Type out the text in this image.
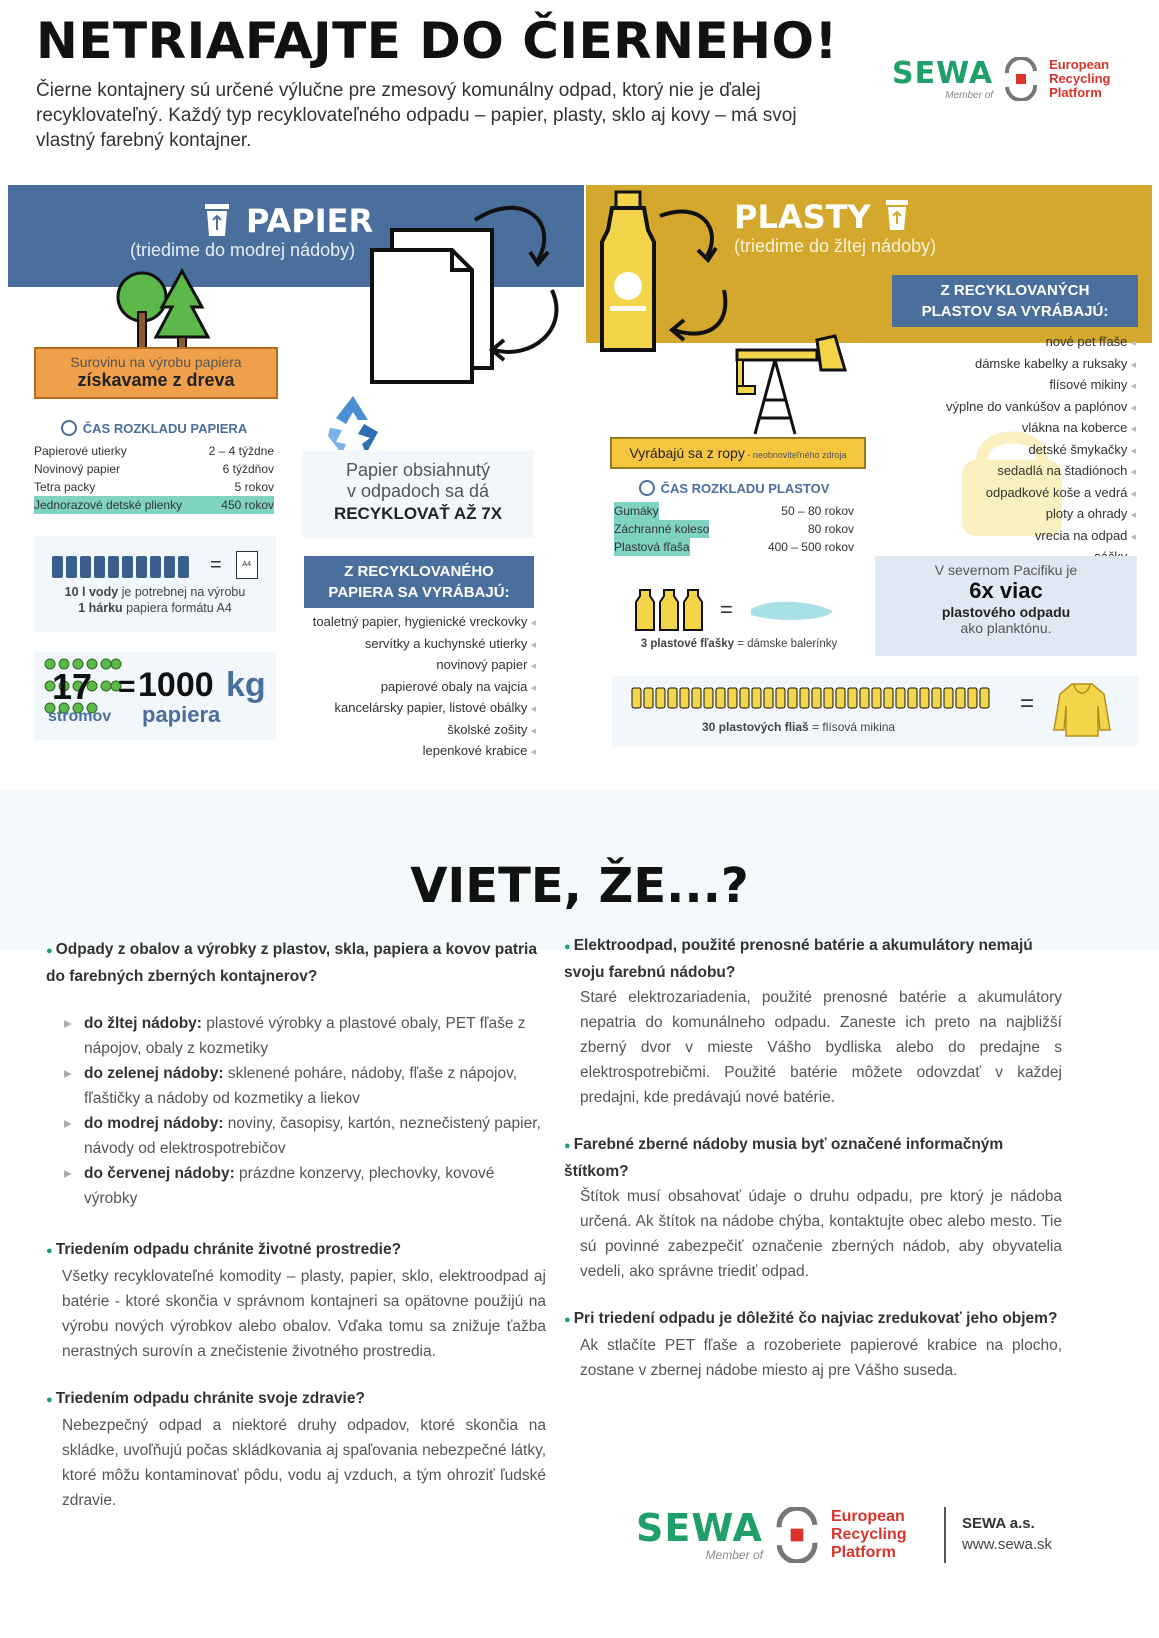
NETRIAFAJTE DO ČIERNEHO!
Čierne kontajnery sú určené výlučne pre zmesový komunálny odpad, ktorý nie je ďalej recyklovateľný. Každý typ recyklovateľného odpadu – papier, plasty, sklo aj kovy – má svoj vlastný farebný kontajner.
SEWA
Member of
European
Recycling
Platform
PAPIER
(triedime do modrej nádoby)
Surovinu na výrobu papiera
získavame z dreva
ČAS ROZKLADU PAPIERA
Papierové utierky	2 – 4 týždne
Novinový papier	6 týždňov
Tetra packy	5 rokov
Jednorazové detské plienky	450 rokov
=	A4
10 l vody je potrebnej na výrobu
1 hárku papiera formátu A4
17
stromov
= 1000 kg
papiera
Papier obsiahnutý
v odpadoch sa dá
RECYKLOVAŤ AŽ 7X
Z RECYKLOVANÉHO
PAPIERA SA VYRÁBAJÚ:
toaletný papier, hygienické vreckovky ◂
servítky a kuchynské utierky ◂
novinový papier ◂
papierové obaly na vajcia ◂
kancelársky papier, listové obálky ◂
školské zošity ◂
lepenkové krabice ◂
PLASTY
(triedime do žltej nádoby)
Z RECYKLOVANÝCH
PLASTOV SA VYRÁBAJÚ:
nové pet fľaše ◂
dámske kabelky a ruksaky ◂
flísové mikiny ◂
výplne do vankúšov a paplónov ◂
vlákna na koberce ◂
detské šmykačky ◂
sedadlá na štadiónoch ◂
odpadkové koše a vedrá ◂
ploty a ohrady ◂
vrecia na odpad ◂
◂
Vyrábajú sa z ropy - neobnoviteľného zdroja
ČAS ROZKLADU PLASTOV
Gumáky	50 – 80 rokov
Záchranné koleso	80 rokov
Plastová fľaša	400 – 500 rokov
=
3 plastové fľašky = dámske balerínky
V severnom Pacifiku je
6x viac
plastového odpadu
ako planktónu.
30 plastových fliaš = flísová mikina
=
VIETE, ŽE...?
● Odpady z obalov a výrobky z plastov, skla, papiera a kovov patria do farebných zberných kontajnerov?
▸ do žltej nádoby: plastové výrobky a plastové obaly, PET fľaše z nápojov, obaly z kozmetiky
▸ do zelenej nádoby: sklenené poháre, nádoby, fľaše z nápojov, fľaštičky a nádoby od kozmetiky a liekov
▸ do modrej nádoby: noviny, časopisy, kartón, neznečistený papier, návody od elektrospotrebičov
▸ do červenej nádoby: prázdne konzervy, plechovky, kovové výrobky
● Triedením odpadu chránite životné prostredie?
Všetky recyklovateľné komodity – plasty, papier, sklo, elektroodpad aj batérie - ktoré skončia v správnom kontajneri sa opätovne použijú na výrobu nových výrobkov alebo obalov. Vďaka tomu sa znižuje ťažba nerastných surovín a znečistenie životného prostredia.
● Triedením odpadu chránite svoje zdravie?
Nebezpečný odpad a niektoré druhy odpadov, ktoré skončia na skládke, uvoľňujú počas skládkovania aj spaľovania nebezpečné látky, ktoré môžu kontaminovať pôdu, vodu aj vzduch, a tým ohroziť ľudské zdravie.
● Elektroodpad, použité prenosné batérie a akumulátory nemajú svoju farebnú nádobu?
Staré elektrozariadenia, použité prenosné batérie a akumulátory nepatria do komunálneho odpadu. Zaneste ich preto na najbližší zberný dvor v mieste Vášho bydliska alebo do predajne s elektrospotrebičmi. Použité batérie môžete odovzdať v každej predajni, kde predávajú nové batérie.
● Farebné zberné nádoby musia byť označené informačným štítkom?
Štítok musí obsahovať údaje o druhu odpadu, pre ktorý je nádoba určená. Ak štítok na nádobe chýba, kontaktujte obec alebo mesto. Tie sú povinné zabezpečiť označenie zberných nádob, aby obyvatelia vedeli, ako správne triediť odpad.
● Pri triedení odpadu je dôležité čo najviac zredukovať jeho objem?
Ak stlačíte PET fľaše a rozoberiete papierové krabice na plocho, zostane v zbernej nádobe miesto aj pre Vášho suseda.
SEWA
Member of
European
Recycling
Platform
SEWA a.s.
www.sewa.sk
